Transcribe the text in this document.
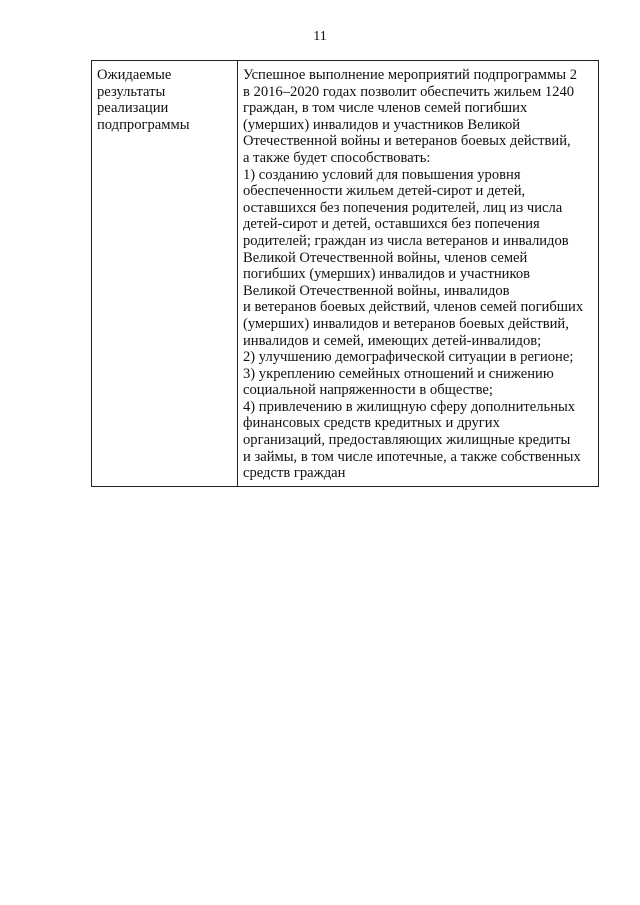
11
Ожидаемые
результаты
реализации
подпрограммы
Успешное выполнение мероприятий подпрограммы 2
в 2016–2020 годах позволит обеспечить жильем 1240
граждан, в том числе членов семей погибших
(умерших) инвалидов и участников Великой
Отечественной войны и ветеранов боевых действий,
а также будет способствовать:
1) созданию условий для повышения уровня
обеспеченности жильем детей-сирот и детей,
оставшихся без попечения родителей, лиц из числа
детей-сирот и детей, оставшихся без попечения
родителей; граждан из числа ветеранов и инвалидов
Великой Отечественной войны, членов семей
погибших (умерших) инвалидов и участников
Великой Отечественной войны, инвалидов
и ветеранов боевых действий, членов семей погибших
(умерших) инвалидов и ветеранов боевых действий,
инвалидов и семей, имеющих детей-инвалидов;
2) улучшению демографической ситуации в регионе;
3) укреплению семейных отношений и снижению
социальной напряженности в обществе;
4) привлечению в жилищную сферу дополнительных
финансовых средств кредитных и других
организаций, предоставляющих жилищные кредиты
и займы, в том числе ипотечные, а также собственных
средств граждан
